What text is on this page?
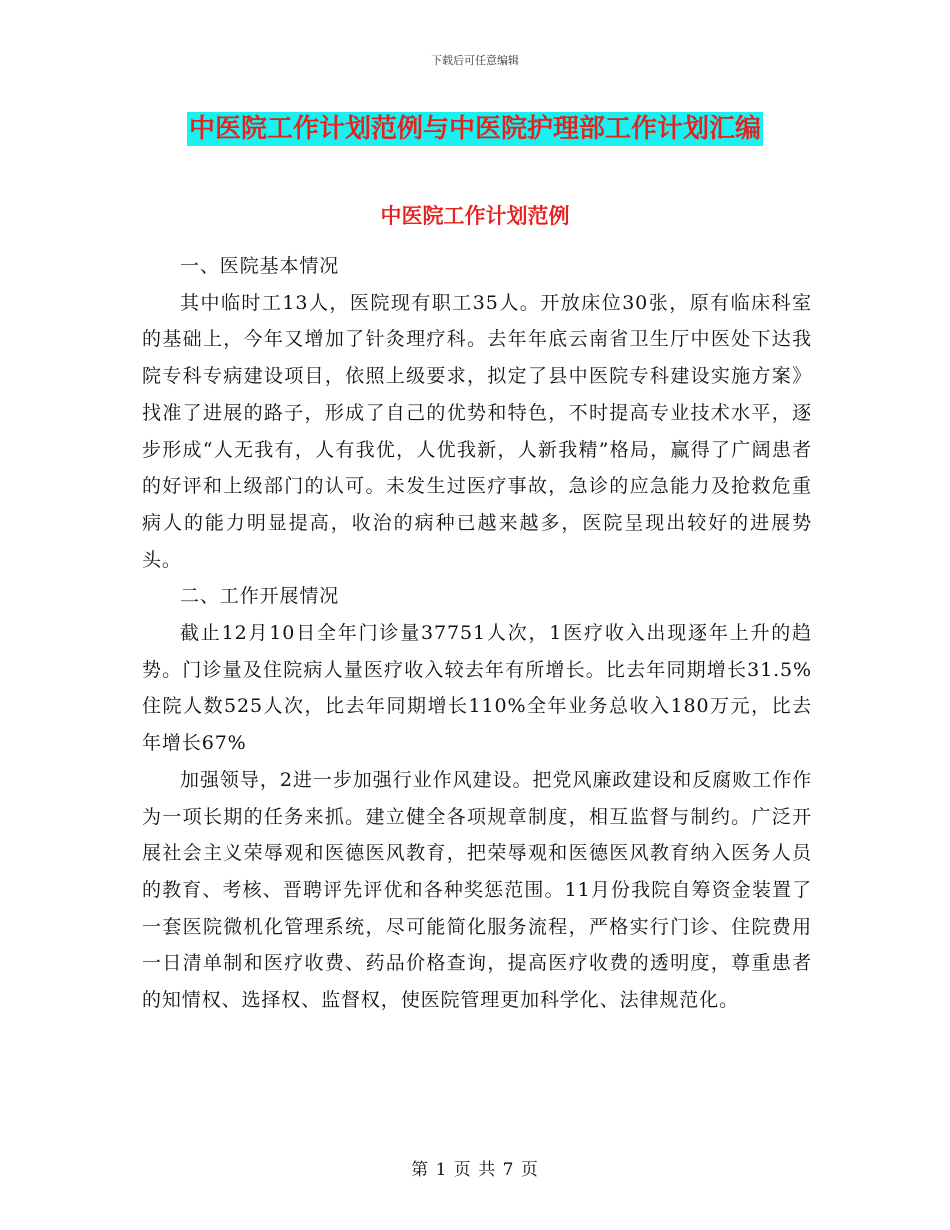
下载后可任意编辑
中医院工作计划范例与中医院护理部工作计划汇编
中医院工作计划范例

一、医院基本情况

其中临时工13人，医院现有职工35人。开放床位30张，原有临床科室的基础上，今年又增加了针灸理疗科。去年年底云南省卫生厅中医处下达我院专科专病建设项目，依照上级要求，拟定了县中医院专科建设实施方案》找准了进展的路子，形成了自己的优势和特色，不时提高专业技术水平，逐步形成“人无我有，人有我优，人优我新，人新我精”格局，赢得了广阔患者的好评和上级部门的认可。未发生过医疗事故，急诊的应急能力及抢救危重病人的能力明显提高，收治的病种已越来越多，医院呈现出较好的进展势头。

二、工作开展情况

截止12月10日全年门诊量37751人次，1医疗收入出现逐年上升的趋势。门诊量及住院病人量医疗收入较去年有所增长。比去年同期增长31.5%住院人数525人次，比去年同期增长110%全年业务总收入180万元，比去年增长67%

加强领导，2进一步加强行业作风建设。把党风廉政建设和反腐败工作作为一项长期的任务来抓。建立健全各项规章制度，相互监督与制约。广泛开展社会主义荣辱观和医德医风教育，把荣辱观和医德医风教育纳入医务人员的教育、考核、晋聘评先评优和各种奖惩范围。11月份我院自筹资金装置了一套医院微机化管理系统，尽可能简化服务流程，严格实行门诊、住院费用一日清单制和医疗收费、药品价格查询，提高医疗收费的透明度，尊重患者的知情权、选择权、监督权，使医院管理更加科学化、法律规范化。

第 1 页 共 7 页
